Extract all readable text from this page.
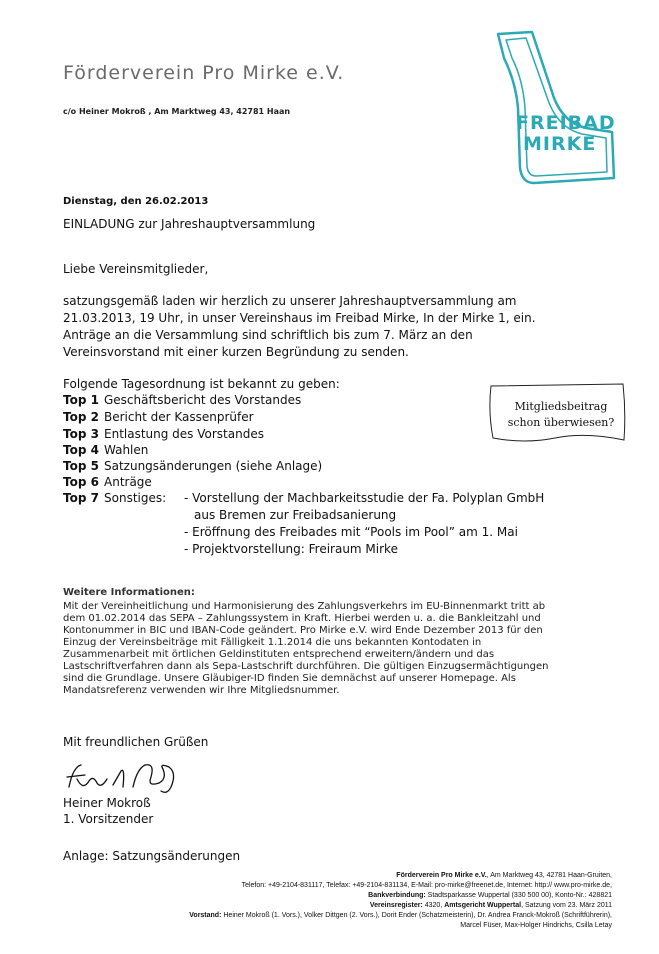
Förderverein Pro Mirke e.V.
c/o Heiner Mokroß , Am Marktweg 43, 42781 Haan
FREIBAD
MIRKE
Dienstag, den 26.02.2013
EINLADUNG zur Jahreshauptversammlung
Liebe Vereinsmitglieder,
satzungsgemäß laden wir herzlich zu unserer Jahreshauptversammlung am
21.03.2013, 19 Uhr, in unser Vereinshaus im Freibad Mirke, In der Mirke 1, ein.
Anträge an die Versammlung sind schriftlich bis zum 7. März an den
Vereinsvorstand mit einer kurzen Begründung zu senden.
Folgende Tagesordnung ist bekannt zu geben:
Top 1 Geschäftsbericht des Vorstandes
Top 2 Bericht der Kassenprüfer
Top 3 Entlastung des Vorstandes
Top 4 Wahlen
Top 5 Satzungsänderungen (siehe Anlage)
Top 6 Anträge
Top 7 Sonstiges: - Vorstellung der Machbarkeitsstudie der Fa. Polyplan GmbH
aus Bremen zur Freibadsanierung
- Eröffnung des Freibades mit “Pools im Pool” am 1. Mai
- Projektvorstellung: Freiraum Mirke
Mitgliedsbeitrag
schon überwiesen?
Weitere Informationen:
Mit der Vereinheitlichung und Harmonisierung des Zahlungsverkehrs im EU-Binnenmarkt tritt ab
dem 01.02.2014 das SEPA – Zahlungssystem in Kraft. Hierbei werden u. a. die Bankleitzahl und
Kontonummer in BIC und IBAN-Code geändert. Pro Mirke e.V. wird Ende Dezember 2013 für den
Einzug der Vereinsbeiträge mit Fälligkeit 1.1.2014 die uns bekannten Kontodaten in
Zusammenarbeit mit örtlichen Geldinstituten entsprechend erweitern/ändern und das
Lastschriftverfahren dann als Sepa-Lastschrift durchführen. Die gültigen Einzugsermächtigungen
sind die Grundlage. Unsere Gläubiger-ID finden Sie demnächst auf unserer Homepage. Als
Mandatsreferenz verwenden wir Ihre Mitgliedsnummer.
Mit freundlichen Grüßen
Heiner Mokroß
1. Vorsitzender
Anlage: Satzungsänderungen
Förderverein Pro Mirke e.V., Am Marktweg 43, 42781 Haan-Gruiten,
Telefon: +49-2104-831117, Telefax: +49-2104-831134, E-Mail: pro-mirke@freenet.de, Internet: http:// www.pro-mirke.de,
Bankverbindung: Stadtsparkasse Wuppertal (330 500 00), Konto-Nr.: 428821
Vereinsregister: 4320, Amtsgericht Wuppertal, Satzung vom 23. März 2011
Vorstand: Heiner Mokroß (1. Vors.), Volker Dittgen (2. Vors.), Dorit Ender (Schatzmeisterin), Dr. Andrea Franck-Mokroß (Schriftführerin),
Marcel Füser, Max-Holger Hindrichs, Csilla Letay
